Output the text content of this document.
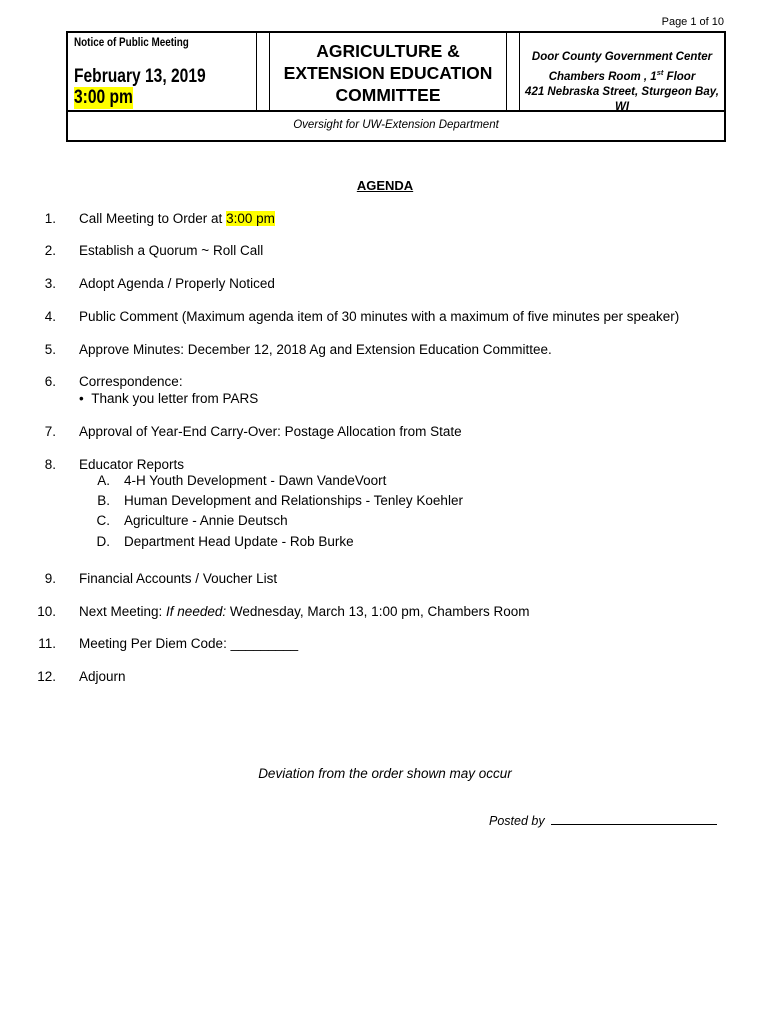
Page 1 of 10
Notice of Public Meeting
February 13, 2019
3:00 pm
AGRICULTURE &
EXTENSION EDUCATION
COMMITTEE
Door County Government Center
Chambers Room , 1st Floor
421 Nebraska Street, Sturgeon Bay, WI
Oversight for UW-Extension Department
AGENDA
1. Call Meeting to Order at 3:00 pm
2. Establish a Quorum ~ Roll Call
3. Adopt Agenda / Properly Noticed
4. Public Comment (Maximum agenda item of 30 minutes with a maximum of five minutes per speaker)
5. Approve Minutes: December 12, 2018 Ag and Extension Education Committee.
6. Correspondence:
• Thank you letter from PARS
7. Approval of Year-End Carry-Over: Postage Allocation from State
8. Educator Reports
A. 4-H Youth Development - Dawn VandeVoort
B. Human Development and Relationships - Tenley Koehler
C. Agriculture - Annie Deutsch
D. Department Head Update - Rob Burke
9. Financial Accounts / Voucher List
10. Next Meeting: If needed: Wednesday, March 13, 1:00 pm, Chambers Room
11. Meeting Per Diem Code: _________
12. Adjourn
Deviation from the order shown may occur
Posted by
